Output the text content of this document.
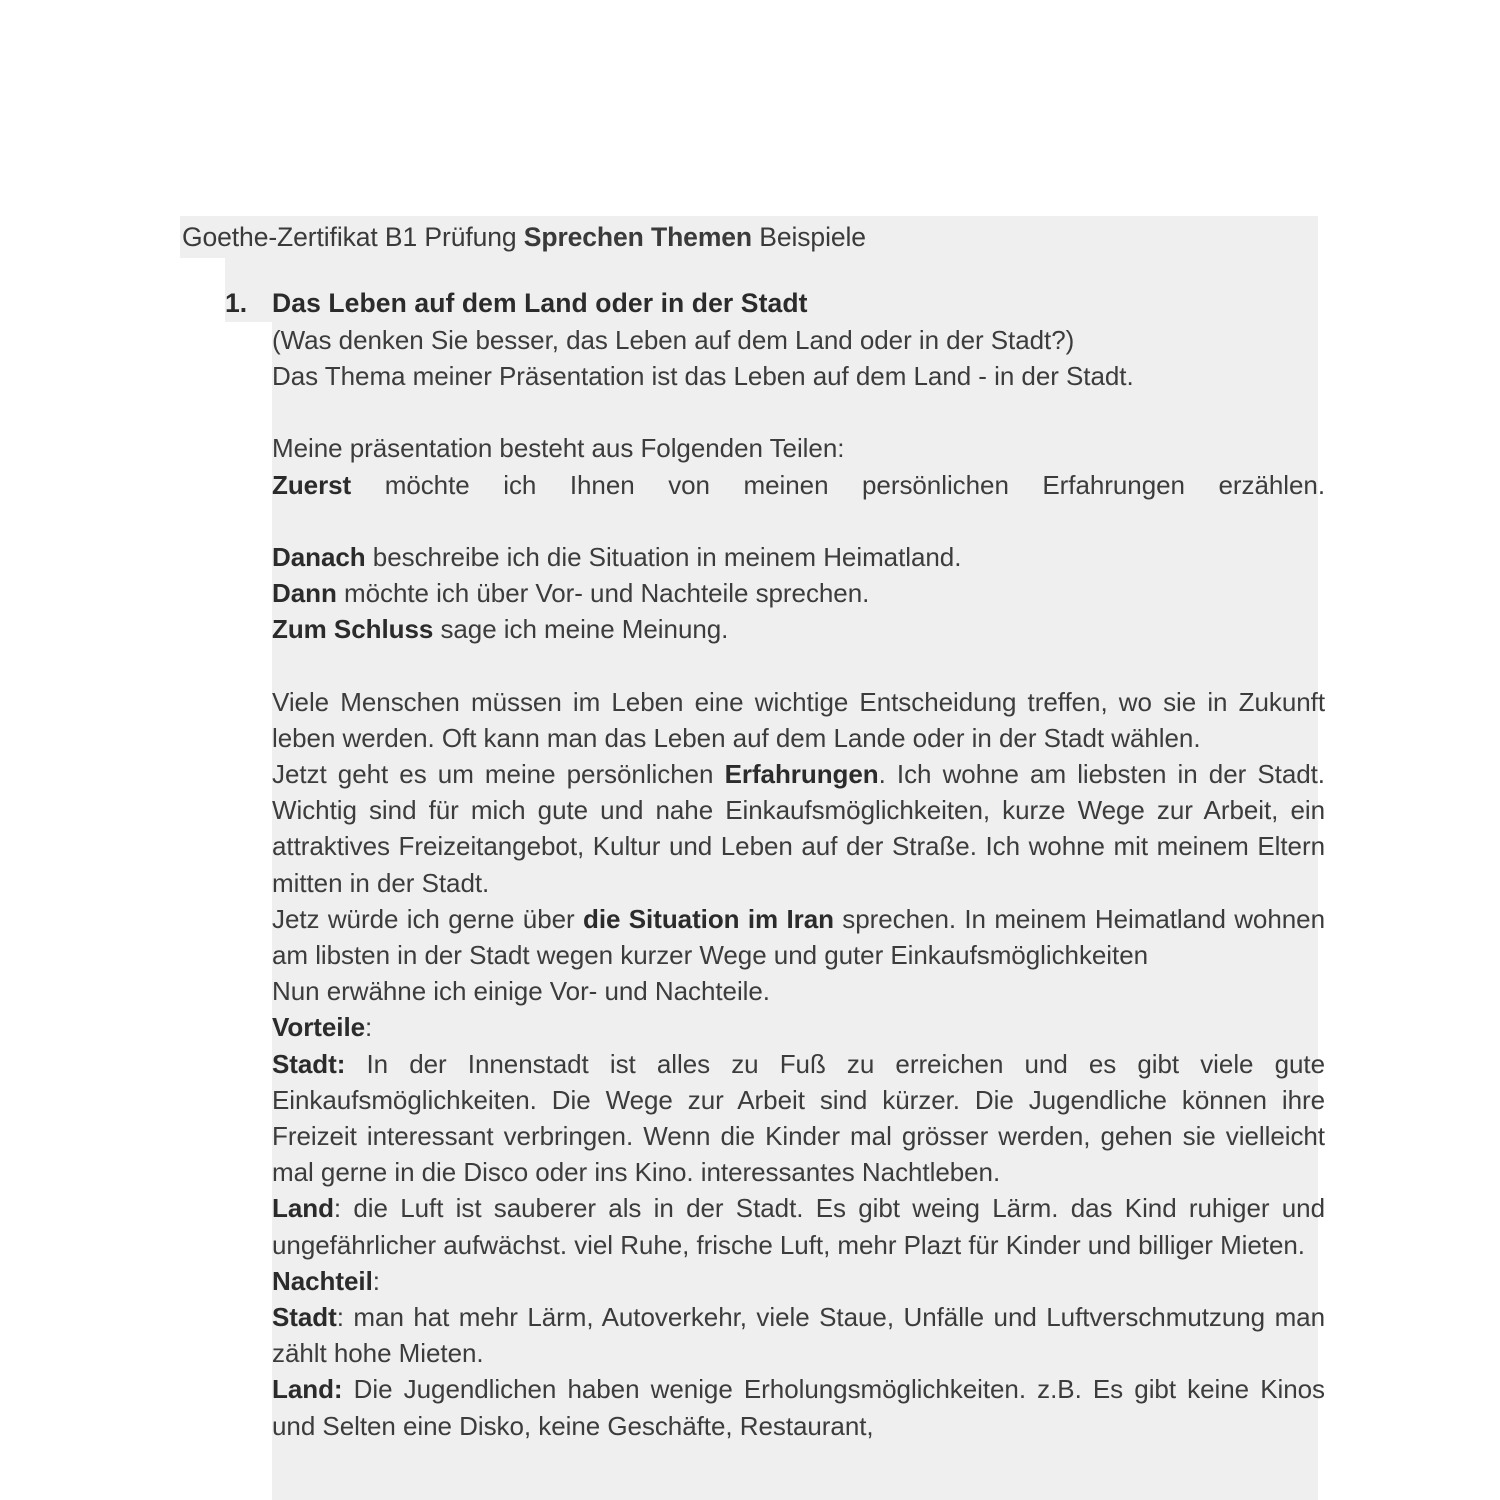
Goethe-Zertifikat B1 Prüfung Sprechen Themen Beispiele
1. Das Leben auf dem Land oder in der Stadt

(Was denken Sie besser, das Leben auf dem Land oder in der Stadt?)

Das Thema meiner Präsentation ist das Leben auf dem Land - in der Stadt.

Meine präsentation besteht aus Folgenden Teilen:

Zuerst möchte ich Ihnen von meinen persönlichen Erfahrungen erzählen.

Danach beschreibe ich die Situation in meinem Heimatland.

Dann möchte ich über Vor- und Nachteile sprechen.

Zum Schluss sage ich meine Meinung.

Viele Menschen müssen im Leben eine wichtige Entscheidung treffen, wo sie in Zukunft leben werden. Oft kann man das Leben auf dem Lande oder in der Stadt wählen.

Jetzt geht es um meine persönlichen Erfahrungen. Ich wohne am liebsten in der Stadt. Wichtig sind für mich gute und nahe Einkaufsmöglichkeiten, kurze Wege zur Arbeit, ein attraktives Freizeitangebot, Kultur und Leben auf der Straße. Ich wohne mit meinem Eltern mitten in der Stadt.

Jetz würde ich gerne über die Situation im Iran sprechen. In meinem Heimatland wohnen am libsten in der Stadt wegen kurzer Wege und guter Einkaufsmöglichkeiten

Nun erwähne ich einige Vor- und Nachteile.

Vorteile:

Stadt: In der Innenstadt ist alles zu Fuß zu erreichen und es gibt viele gute Einkaufsmöglichkeiten. Die Wege zur Arbeit sind kürzer. Die Jugendliche können ihre Freizeit interessant verbringen. Wenn die Kinder mal grösser werden, gehen sie vielleicht mal gerne in die Disco oder ins Kino. interessantes Nachtleben.

Land: die Luft ist sauberer als in der Stadt. Es gibt weing Lärm. das Kind ruhiger und ungefährlicher aufwächst. viel Ruhe, frische Luft, mehr Plazt für Kinder und billiger Mieten.

Nachteil:

Stadt: man hat mehr Lärm, Autoverkehr, viele Staue, Unfälle und Luftverschmutzung man zählt hohe Mieten.

Land: Die Jugendlichen haben wenige Erholungsmöglichkeiten. z.B. Es gibt keine Kinos und Selten eine Disko, keine Geschäfte, Restaurant,
